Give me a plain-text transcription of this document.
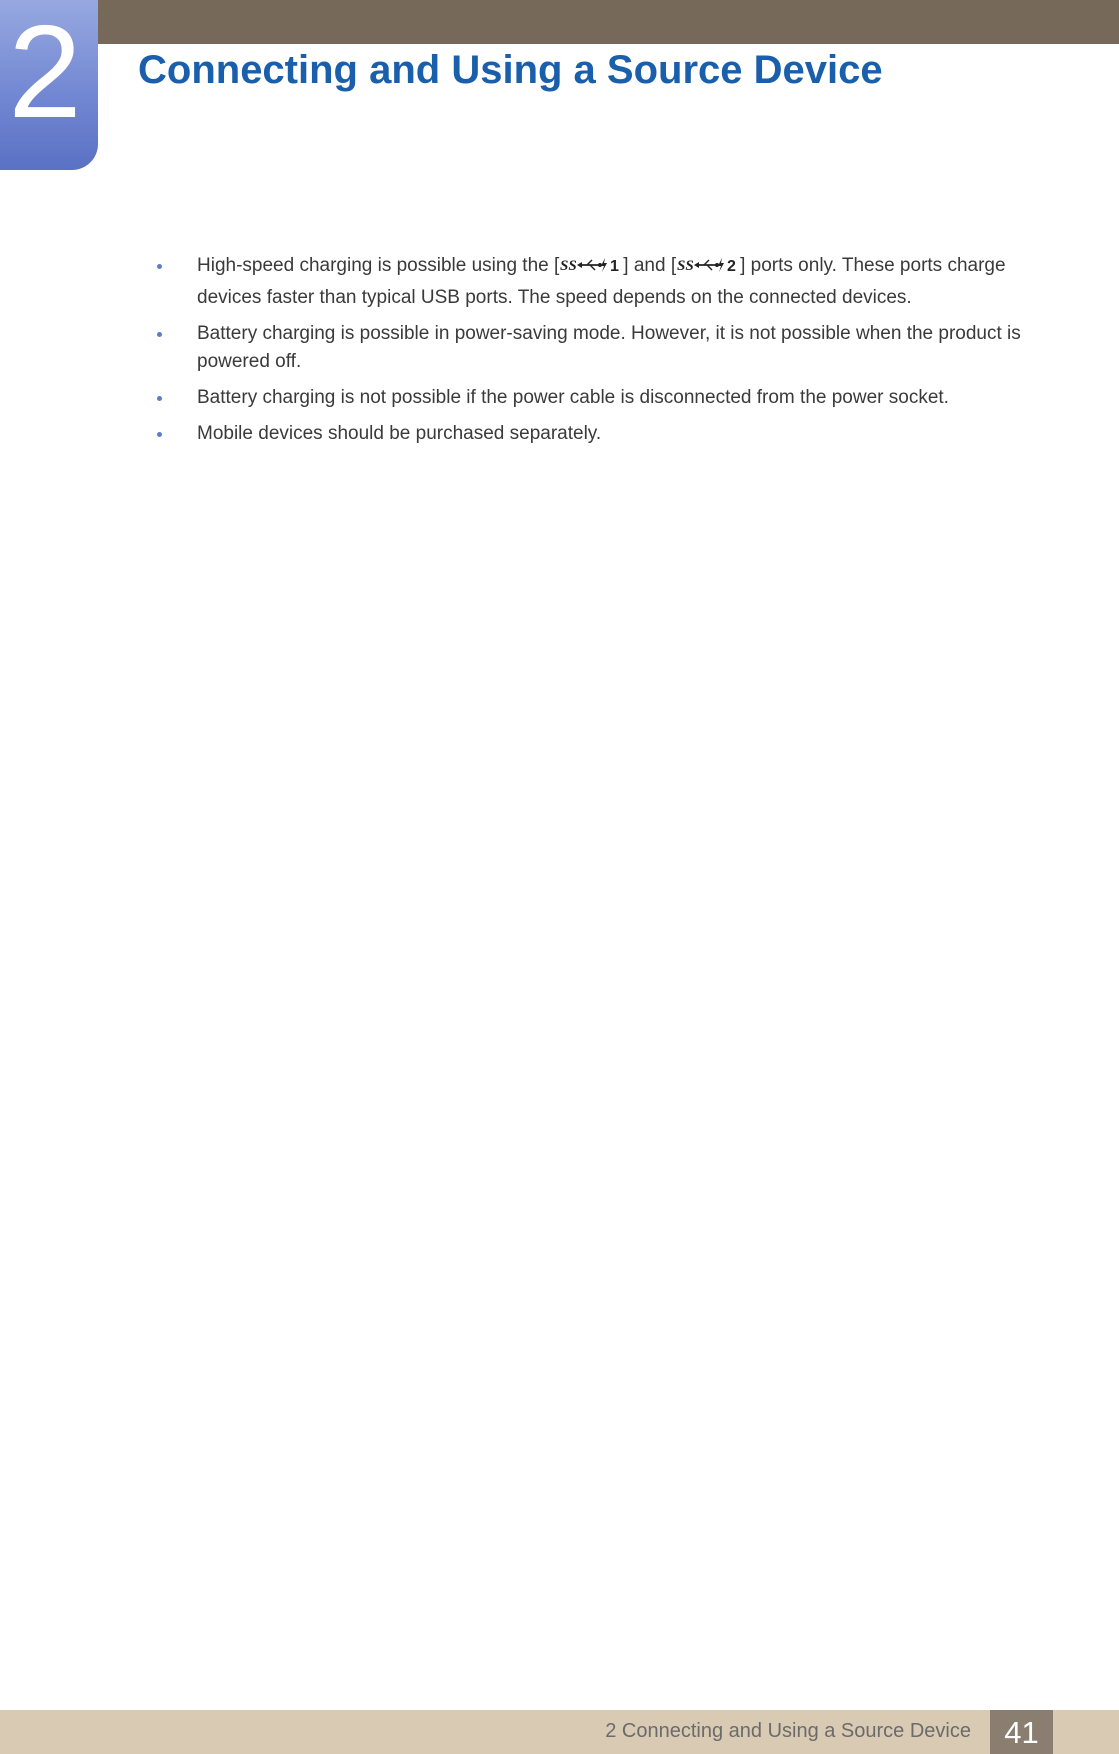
2 Connecting and Using a Source Device
High-speed charging is possible using the [ SS 1 ] and [ SS 2 ] ports only. These ports charge devices faster than typical USB ports. The speed depends on the connected devices.
Battery charging is possible in power-saving mode. However, it is not possible when the product is powered off.
Battery charging is not possible if the power cable is disconnected from the power socket.
Mobile devices should be purchased separately.
2 Connecting and Using a Source Device	41
